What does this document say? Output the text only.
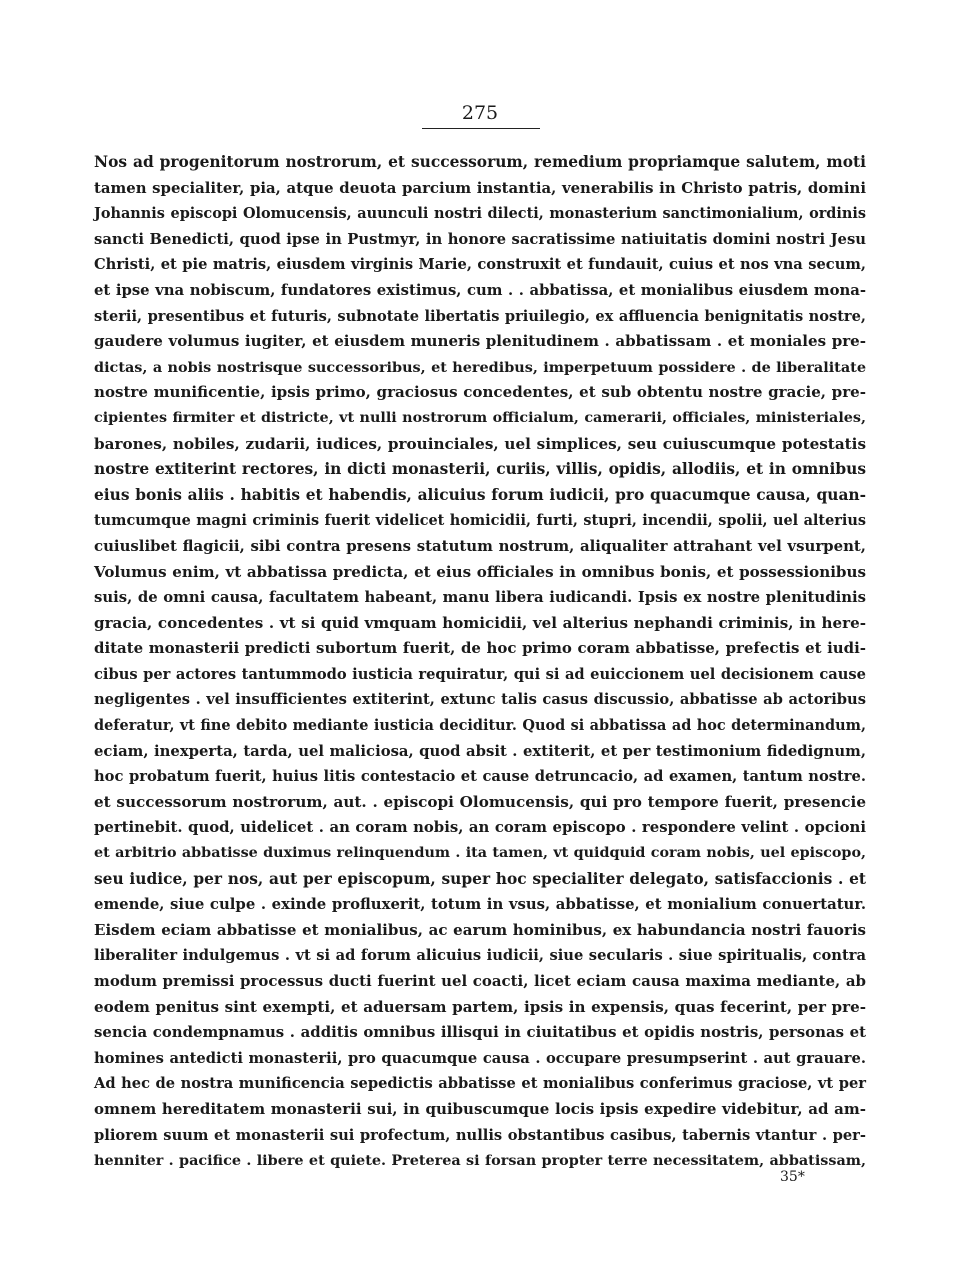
275
Nos ad progenitorum nostrorum, et successorum, remedium propriamque salutem, moti
tamen specialiter, pia, atque deuota parcium instantia, venerabilis in Christo patris, domini
Johannis episcopi Olomucensis, auunculi nostri dilecti, monasterium sanctimonialium, ordinis
sancti Benedicti, quod ipse in Pustmyr, in honore sacratissime natiuitatis domini nostri Jesu
Christi, et pie matris, eiusdem virginis Marie, construxit et fundauit, cuius et nos vna secum,
et ipse vna nobiscum, fundatores existimus, cum . . abbatissa, et monialibus eiusdem mona-
sterii, presentibus et futuris, subnotate libertatis priuilegio, ex affluencia benignitatis nostre,
gaudere volumus iugiter, et eiusdem muneris plenitudinem . abbatissam . et moniales pre-
dictas, a nobis nostrisque successoribus, et heredibus, imperpetuum possidere . de liberalitate
nostre munificentie, ipsis primo, graciosus concedentes, et sub obtentu nostre gracie, pre-
cipientes firmiter et districte, vt nulli nostrorum officialum, camerarii, officiales, ministeriales,
barones, nobiles, zudarii, iudices, prouinciales, uel simplices, seu cuiuscumque potestatis
nostre extiterint rectores, in dicti monasterii, curiis, villis, opidis, allodiis, et in omnibus
eius bonis aliis . habitis et habendis, alicuius forum iudicii, pro quacumque causa, quan-
tumcumque magni criminis fuerit videlicet homicidii, furti, stupri, incendii, spolii, uel alterius
cuiuslibet flagicii, sibi contra presens statutum nostrum, aliqualiter attrahant vel vsurpent,
Volumus enim, vt abbatissa predicta, et eius officiales in omnibus bonis, et possessionibus
suis, de omni causa, facultatem habeant, manu libera iudicandi. Ipsis ex nostre plenitudinis
gracia, concedentes . vt si quid vmquam homicidii, vel alterius nephandi criminis, in here-
ditate monasterii predicti subortum fuerit, de hoc primo coram abbatisse, prefectis et iudi-
cibus per actores tantummodo iusticia requiratur, qui si ad euiccionem uel decisionem cause
negligentes . vel insufficientes extiterint, extunc talis casus discussio, abbatisse ab actoribus
deferatur, vt fine debito mediante iusticia deciditur. Quod si abbatissa ad hoc determinandum,
eciam, inexperta, tarda, uel maliciosa, quod absit . extiterit, et per testimonium fidedignum,
hoc probatum fuerit, huius litis contestacio et cause detruncacio, ad examen, tantum nostre.
et successorum nostrorum, aut. . episcopi Olomucensis, qui pro tempore fuerit, presencie
pertinebit. quod, uidelicet . an coram nobis, an coram episcopo . respondere velint . opcioni
et arbitrio abbatisse duximus relinquendum . ita tamen, vt quidquid coram nobis, uel episcopo,
seu iudice, per nos, aut per episcopum, super hoc specialiter delegato, satisfaccionis . et
emende, siue culpe . exinde profluxerit, totum in vsus, abbatisse, et monialium conuertatur.
Eisdem eciam abbatisse et monialibus, ac earum hominibus, ex habundancia nostri fauoris
liberaliter indulgemus . vt si ad forum alicuius iudicii, siue secularis . siue spiritualis, contra
modum premissi processus ducti fuerint uel coacti, licet eciam causa maxima mediante, ab
eodem penitus sint exempti, et aduersam partem, ipsis in expensis, quas fecerint, per pre-
sencia condempnamus . additis omnibus illisqui in ciuitatibus et opidis nostris, personas et
homines antedicti monasterii, pro quacumque causa . occupare presumpserint . aut grauare.
Ad hec de nostra munificencia sepedictis abbatisse et monialibus conferimus graciose, vt per
omnem hereditatem monasterii sui, in quibuscumque locis ipsis expedire videbitur, ad am-
pliorem suum et monasterii sui profectum, nullis obstantibus casibus, tabernis vtantur . per-
henniter . pacifice . libere et quiete. Preterea si forsan propter terre necessitatem, abbatissam,
35*
